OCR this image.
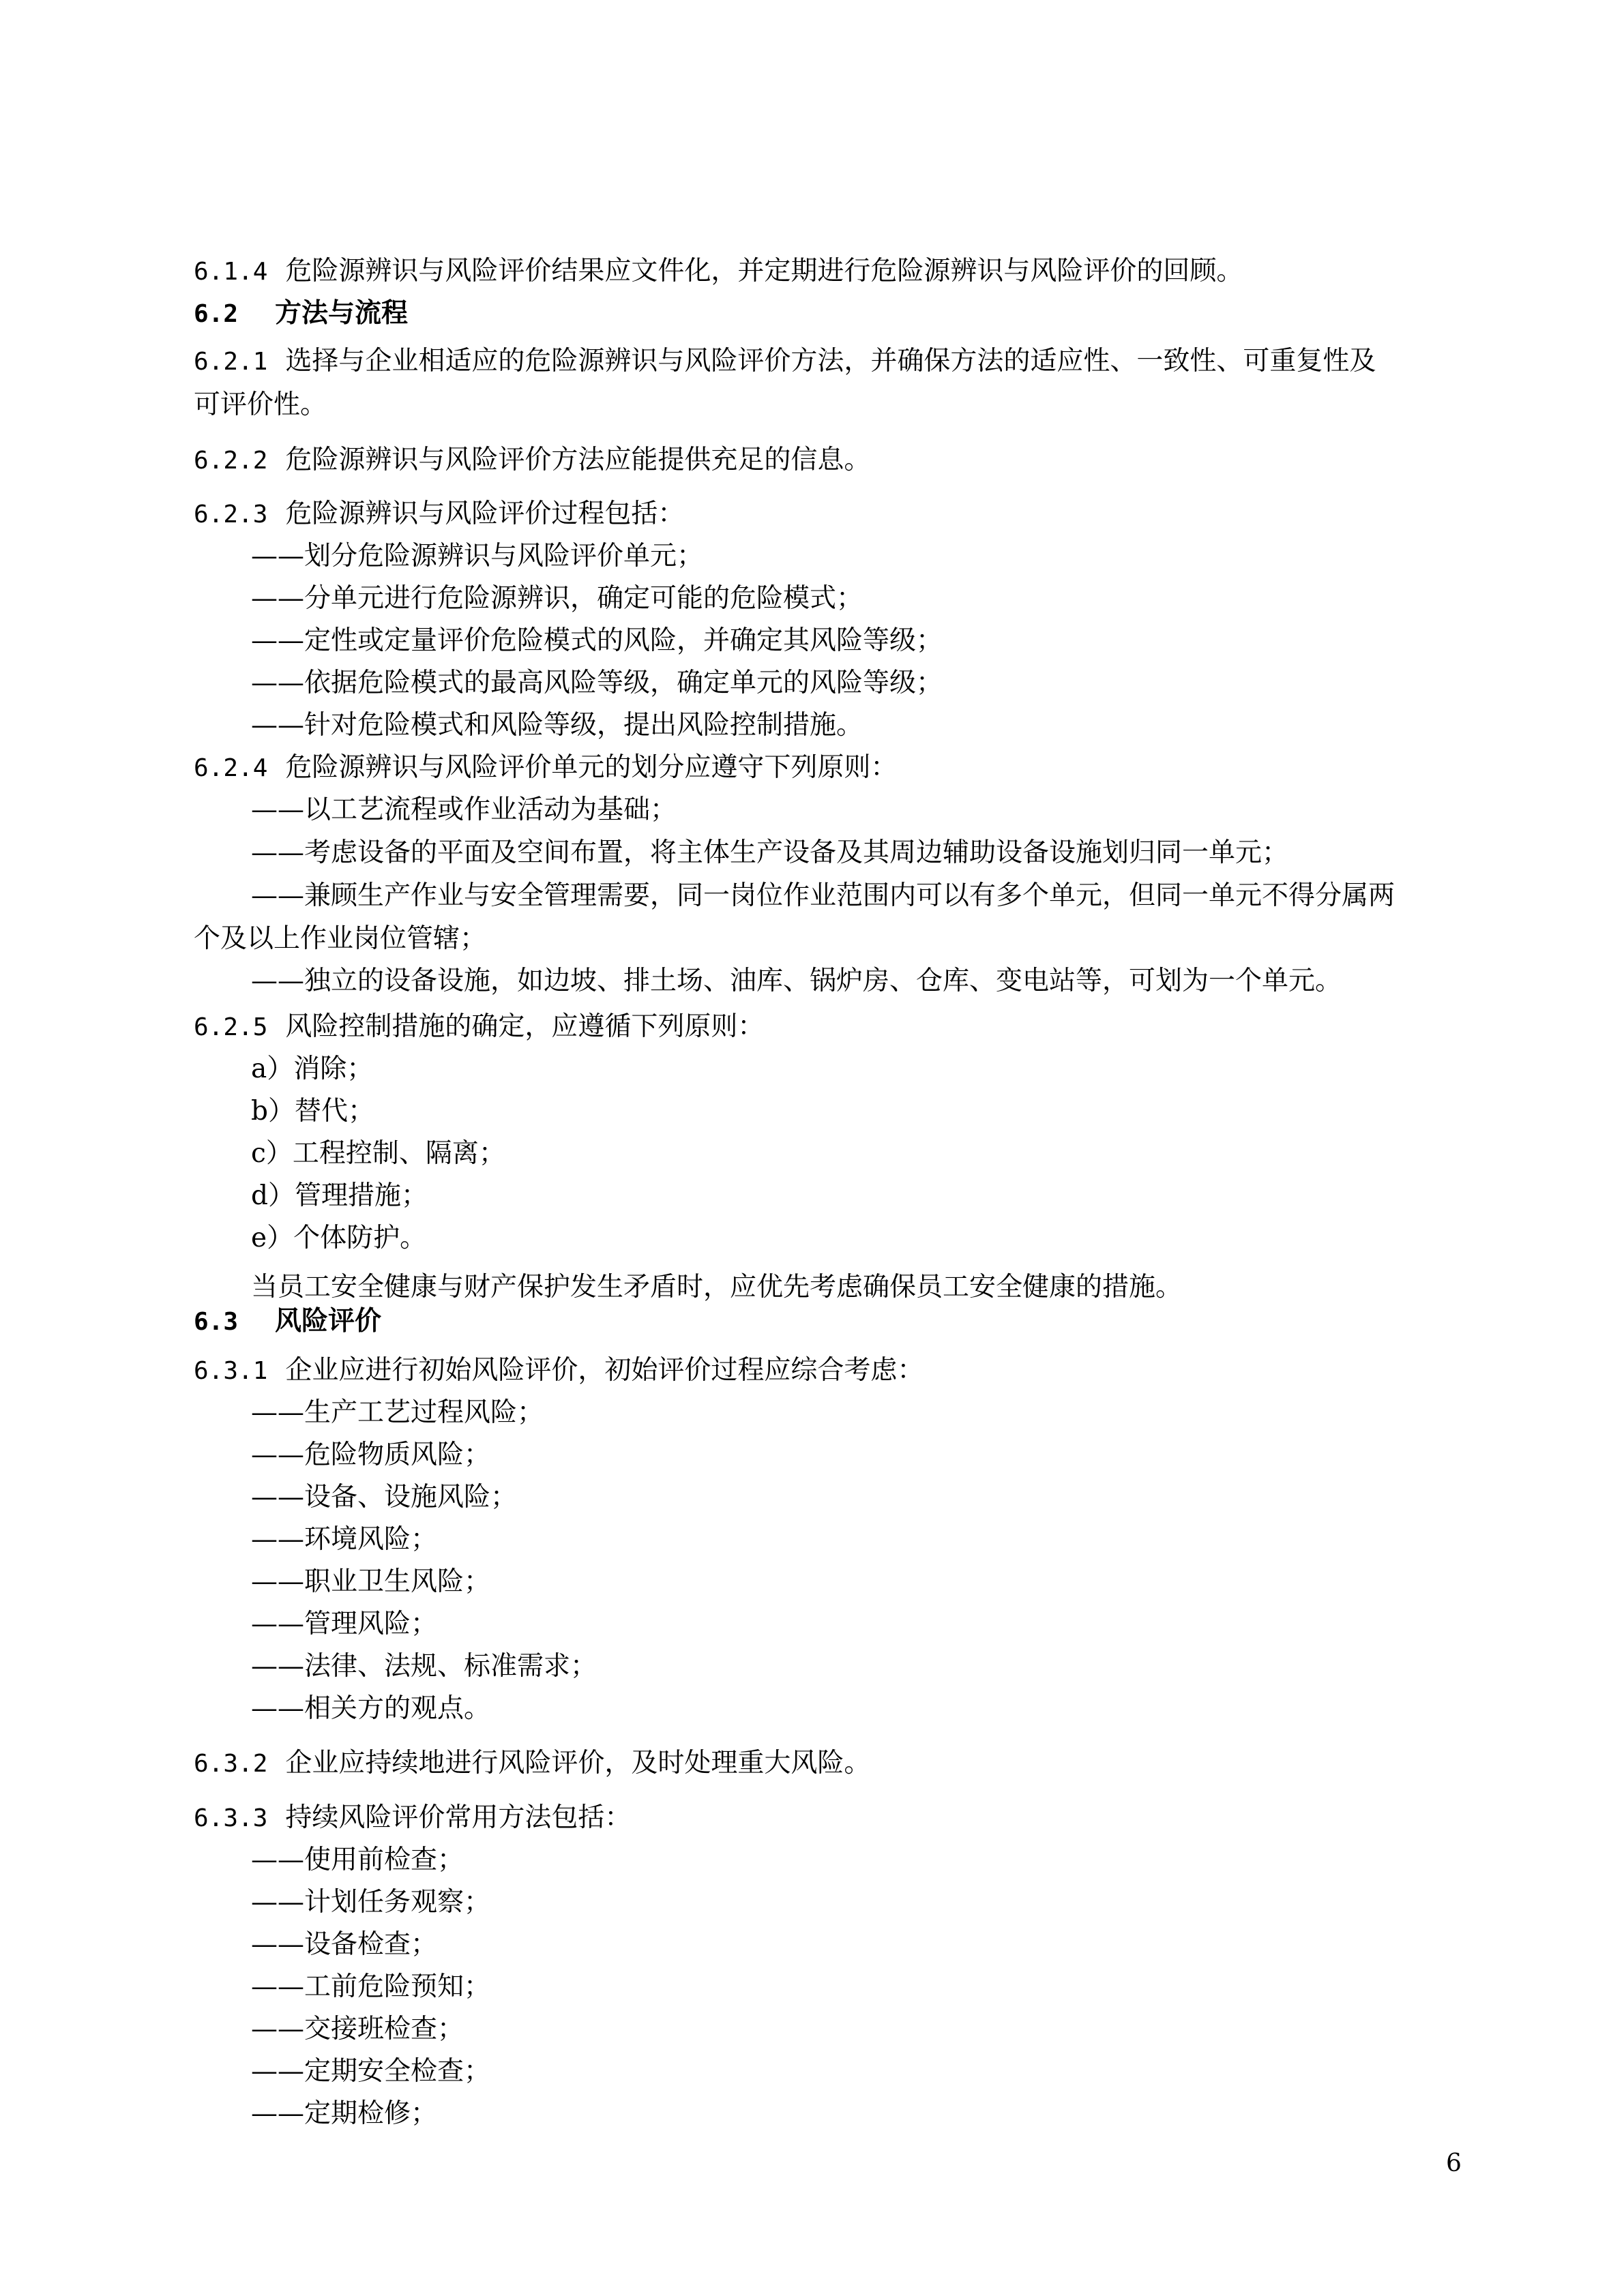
6.1.4 危险源辨识与风险评价结果应文件化，并定期进行危险源辨识与风险评价的回顾。
6.2 方法与流程
6.2.1 选择与企业相适应的危险源辨识与风险评价方法，并确保方法的适应性、一致性、可重复性及
可评价性。
6.2.2 危险源辨识与风险评价方法应能提供充足的信息。
6.2.3 危险源辨识与风险评价过程包括：
——划分危险源辨识与风险评价单元；
——分单元进行危险源辨识，确定可能的危险模式；
——定性或定量评价危险模式的风险，并确定其风险等级；
——依据危险模式的最高风险等级，确定单元的风险等级；
——针对危险模式和风险等级，提出风险控制措施。
6.2.4 危险源辨识与风险评价单元的划分应遵守下列原则：
——以工艺流程或作业活动为基础；
——考虑设备的平面及空间布置，将主体生产设备及其周边辅助设备设施划归同一单元；
——兼顾生产作业与安全管理需要，同一岗位作业范围内可以有多个单元，但同一单元不得分属两
个及以上作业岗位管辖；
——独立的设备设施，如边坡、排土场、油库、锅炉房、仓库、变电站等，可划为一个单元。
6.2.5 风险控制措施的确定，应遵循下列原则：
a）消除；
b）替代；
c）工程控制、隔离；
d）管理措施；
e）个体防护。
当员工安全健康与财产保护发生矛盾时，应优先考虑确保员工安全健康的措施。
6.3 风险评价
6.3.1 企业应进行初始风险评价，初始评价过程应综合考虑：
——生产工艺过程风险；
——危险物质风险；
——设备、设施风险；
——环境风险；
——职业卫生风险；
——管理风险；
——法律、法规、标准需求；
——相关方的观点。
6.3.2 企业应持续地进行风险评价，及时处理重大风险。
6.3.3 持续风险评价常用方法包括：
——使用前检查；
——计划任务观察；
——设备检查；
——工前危险预知；
——交接班检查；
——定期安全检查；
——定期检修；
6
